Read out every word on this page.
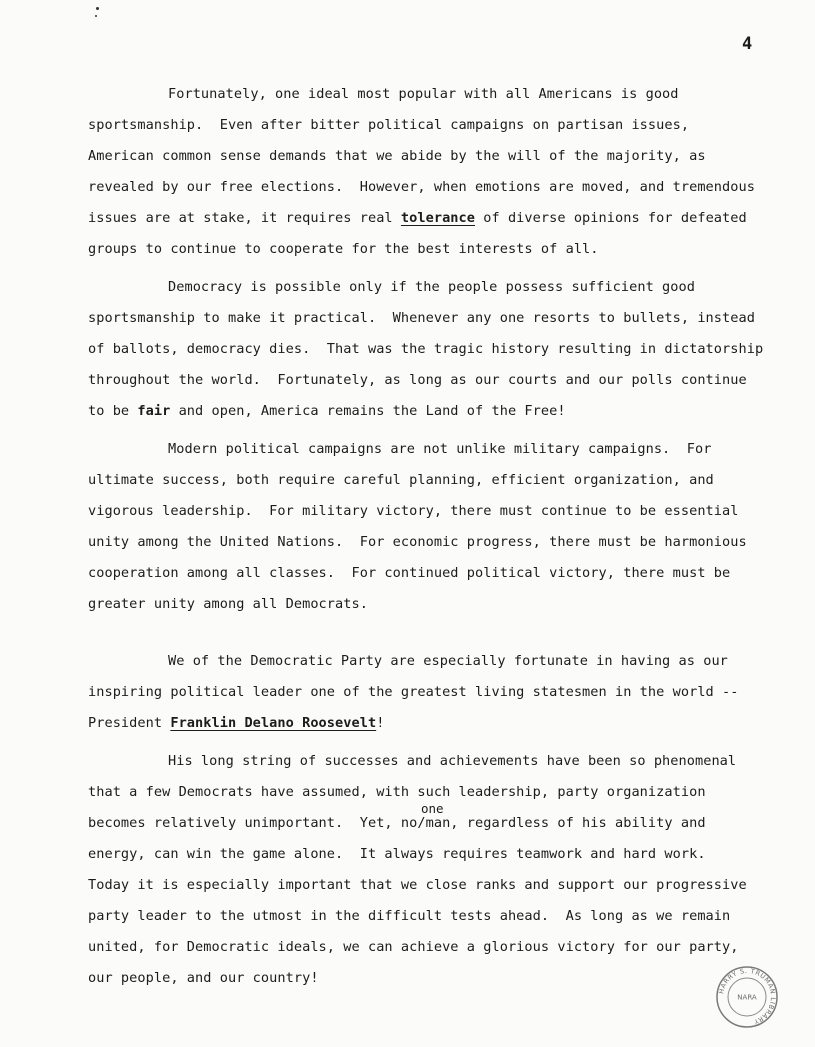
4
Fortunately, one ideal most popular with all Americans is good
sportsmanship.  Even after bitter political campaigns on partisan issues,
American common sense demands that we abide by the will of the majority, as
revealed by our free elections.  However, when emotions are moved, and tremendous
issues are at stake, it requires real tolerance of diverse opinions for defeated
groups to continue to cooperate for the best interests of all.
Democracy is possible only if the people possess sufficient good
sportsmanship to make it practical.  Whenever any one resorts to bullets, instead
of ballots, democracy dies.  That was the tragic history resulting in dictatorship
throughout the world.  Fortunately, as long as our courts and our polls continue
to be fair and open, America remains the Land of the Free!
Modern political campaigns are not unlike military campaigns.  For
ultimate success, both require careful planning, efficient organization, and
vigorous leadership.  For military victory, there must continue to be essential
unity among the United Nations.  For economic progress, there must be harmonious
cooperation among all classes.  For continued political victory, there must be
greater unity among all Democrats.
We of the Democratic Party are especially fortunate in having as our
inspiring political leader one of the greatest living statesmen in the world --
President Franklin Delano Roosevelt!
His long string of successes and achievements have been so phenomenal
that a few Democrats have assumed, with such leadership, party organization
becomes relatively unimportant.  Yet, no/man, regardless of his ability and
energy, can win the game alone.  It always requires teamwork and hard work.
Today it is especially important that we close ranks and support our progressive
party leader to the utmost in the difficult tests ahead.  As long as we remain
united, for Democratic ideals, we can achieve a glorious victory for our party,
our people, and our country!
one
HARRY S. TRUMAN LIBRARY
NARA
